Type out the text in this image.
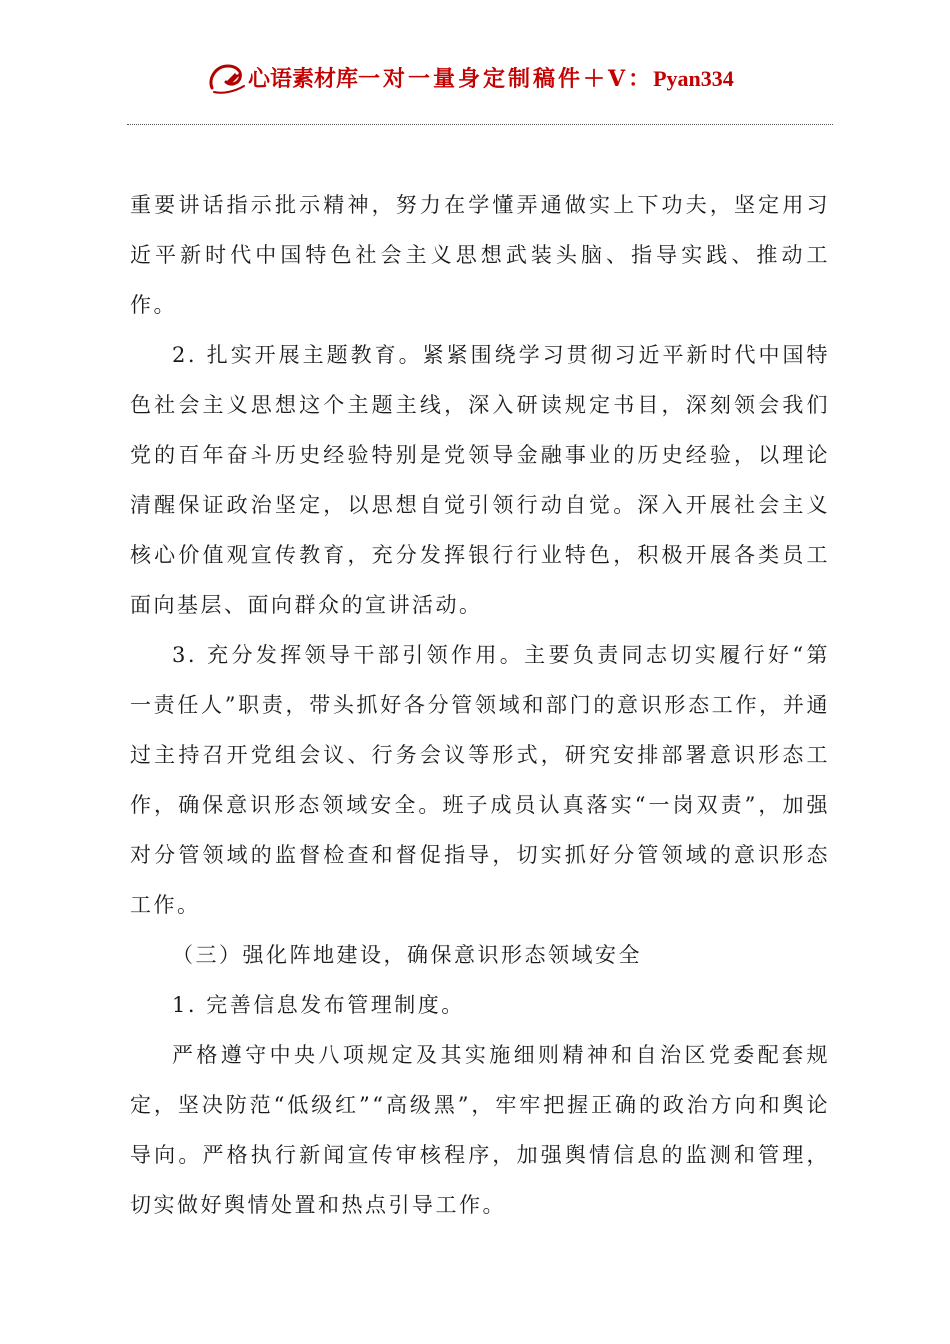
心语素材库一对一量身定制稿件＋V：Pyan334

重要讲话指示批示精神，努力在学懂弄通做实上下功夫，坚定用习近平新时代中国特色社会主义思想武装头脑、指导实践、推动工作。

2. 扎实开展主题教育。紧紧围绕学习贯彻习近平新时代中国特色社会主义思想这个主题主线，深入研读规定书目，深刻领会我们党的百年奋斗历史经验特别是党领导金融事业的历史经验，以理论清醒保证政治坚定，以思想自觉引领行动自觉。深入开展社会主义核心价值观宣传教育，充分发挥银行行业特色，积极开展各类员工面向基层、面向群众的宣讲活动。

3. 充分发挥领导干部引领作用。主要负责同志切实履行好“第一责任人”职责，带头抓好各分管领域和部门的意识形态工作，并通过主持召开党组会议、行务会议等形式，研究安排部署意识形态工作，确保意识形态领域安全。班子成员认真落实“一岗双责”，加强对分管领域的监督检查和督促指导，切实抓好分管领域的意识形态工作。

（三）强化阵地建设，确保意识形态领域安全

1. 完善信息发布管理制度。

严格遵守中央八项规定及其实施细则精神和自治区党委配套规定，坚决防范“低级红”“高级黑”，牢牢把握正确的政治方向和舆论导向。严格执行新闻宣传审核程序，加强舆情信息的监测和管理，切实做好舆情处置和热点引导工作。
